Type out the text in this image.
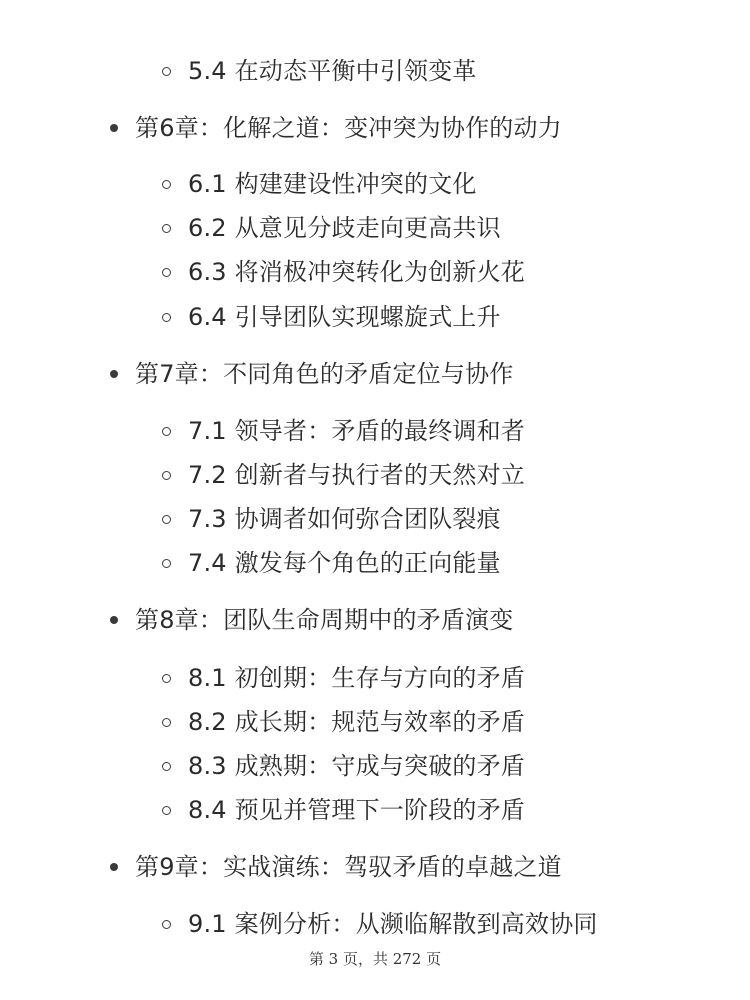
5.4 在动态平衡中引领变革
第6章：化解之道：变冲突为协作的动力
6.1 构建建设性冲突的文化
6.2 从意见分歧走向更高共识
6.3 将消极冲突转化为创新火花
6.4 引导团队实现螺旋式上升
第7章：不同角色的矛盾定位与协作
7.1 领导者：矛盾的最终调和者
7.2 创新者与执行者的天然对立
7.3 协调者如何弥合团队裂痕
7.4 激发每个角色的正向能量
第8章：团队生命周期中的矛盾演变
8.1 初创期：生存与方向的矛盾
8.2 成长期：规范与效率的矛盾
8.3 成熟期：守成与突破的矛盾
8.4 预见并管理下一阶段的矛盾
第9章：实战演练：驾驭矛盾的卓越之道
9.1 案例分析：从濒临解散到高效协同
第 3 页，共 272 页
